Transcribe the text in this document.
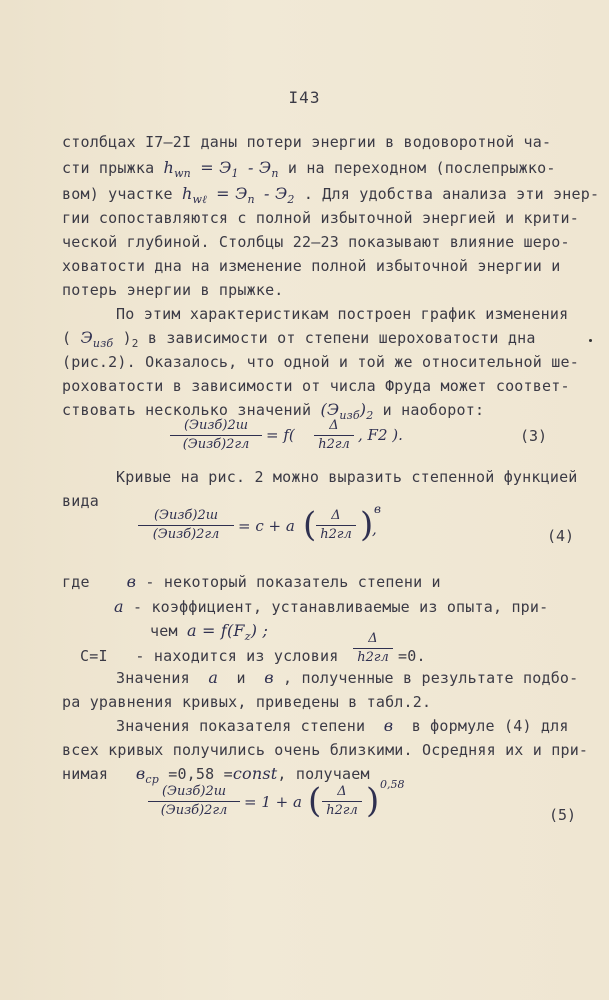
I43
столбцах I7–2I даны потери энергии в водоворотной ча-
сти прыжка $h_{wn} = Э_1 - Э_n$ и на переходном (послепрыжко-
вом) участке $h_{w\ell} = Э_n - Э_2$ . Для удобства анализа эти энер-
гии сопоставляются с полной избыточной энергией и крити-
ческой глубиной. Столбцы 22–23 показывают влияние шеро-
ховатости дна на изменение полной избыточной энергии и
потерь энергии в прыжке.
По этим характеристикам построен график изменения
( $Э_{изб}$ )$_2$ в зависимости от степени шероховатости дна
(рис.2). Оказалось, что одной и той же относительной ше-
роховатости в зависимости от числа Фруда может соответ-
ствовать несколько значений $(Э_{изб})_2$ и наоборот:
(Эизб)2ш
(Эизб)2гл
= f(
Δ
h2гл
, F2 ).	(3)
Кривые на рис. 2 можно выразить степенной функцией
вида
(Эизб)2ш
(Эизб)2гл	= c + a (	Δ
h2гл ) в
,	(4)
где в - некоторый показатель степени и
a - коэффициент, устанавливаемые из опыта, при-
чем $a = f(F_z)$ ;
C=I - находится из условия
Δ
h2гл =0.
Значения a и в , полученные в результате подбо-
ра уравнения кривых, приведены в табл.2.
Значения показателя степени в в формуле (4) для
всех кривых получились очень близкими. Осредняя их и при-
нимая $в_{ср} =0,58$ =const, получаем
(Эизб)2ш
(Эизб)2гл	= 1 + a (	Δ
h2гл ) 0,58
(5)
